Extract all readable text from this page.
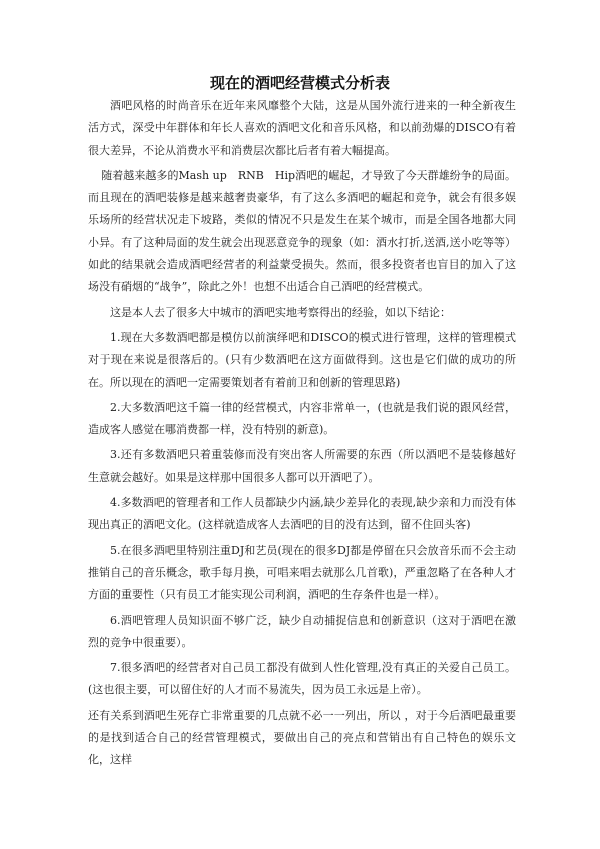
现在的酒吧经营模式分析表

酒吧风格的时尚音乐在近年来风靡整个大陆，这是从国外流行进来的一种全新夜生活方式，深受中年群体和年长人喜欢的酒吧文化和音乐风格，和以前劲爆的DISCO有着很大差异，不论从消费水平和消费层次都比后者有着大幅提高。

随着越来越多的Mash up　RNB　Hip酒吧的崛起，才导致了今天群雄纷争的局面。而且现在的酒吧装修是越来越奢贵豪华，有了这么多酒吧的崛起和竞争，就会有很多娱乐场所的经营状况走下坡路，类似的情况不只是发生在某个城市，而是全国各地都大同小异。有了这种局面的发生就会出现恶意竞争的现象（如：酒水打折,送酒,送小吃等等）如此的结果就会造成酒吧经营者的利益蒙受损失。然而，很多投资者也盲目的加入了这场没有硝烟的“战争”，除此之外！也想不出适合自己酒吧的经营模式。

这是本人去了很多大中城市的酒吧实地考察得出的经验，如以下结论：

1.现在大多数酒吧都是模仿以前演绎吧和DISCO的模式进行管理，这样的管理模式对于现在来说是很落后的。(只有少数酒吧在这方面做得到。这也是它们做的成功的所在。所以现在的酒吧一定需要策划者有着前卫和创新的管理思路)

2.大多数酒吧这千篇一律的经营模式，内容非常单一，(也就是我们说的跟风经营，造成客人感觉在哪消费都一样，没有特别的新意)。

3.还有多数酒吧只着重装修而没有突出客人所需要的东西（所以酒吧不是装修越好生意就会越好。如果是这样那中国很多人都可以开酒吧了）。

4.多数酒吧的管理者和工作人员都缺少内涵,缺少差异化的表现,缺少亲和力而没有体现出真正的酒吧文化。(这样就造成客人去酒吧的目的没有达到，留不住回头客)

5.在很多酒吧里特别注重DJ和艺员(现在的很多DJ都是停留在只会放音乐而不会主动推销自己的音乐概念，歌手每月换，可唱来唱去就那么几首歌)，严重忽略了在各种人才方面的重要性（只有员工才能实现公司利润，酒吧的生存条件也是一样）。

6.酒吧管理人员知识面不够广泛，缺少自动捕捉信息和创新意识（这对于酒吧在激烈的竞争中很重要）。

7.很多酒吧的经营者对自己员工都没有做到人性化管理,没有真正的关爱自己员工。(这也很主要，可以留住好的人才而不易流失，因为员工永远是上帝）。

还有关系到酒吧生死存亡非常重要的几点就不必一一列出，所以 ，对于今后酒吧最重要的是找到适合自己的经营管理模式，要做出自己的亮点和营销出有自己特色的娱乐文化，这样
